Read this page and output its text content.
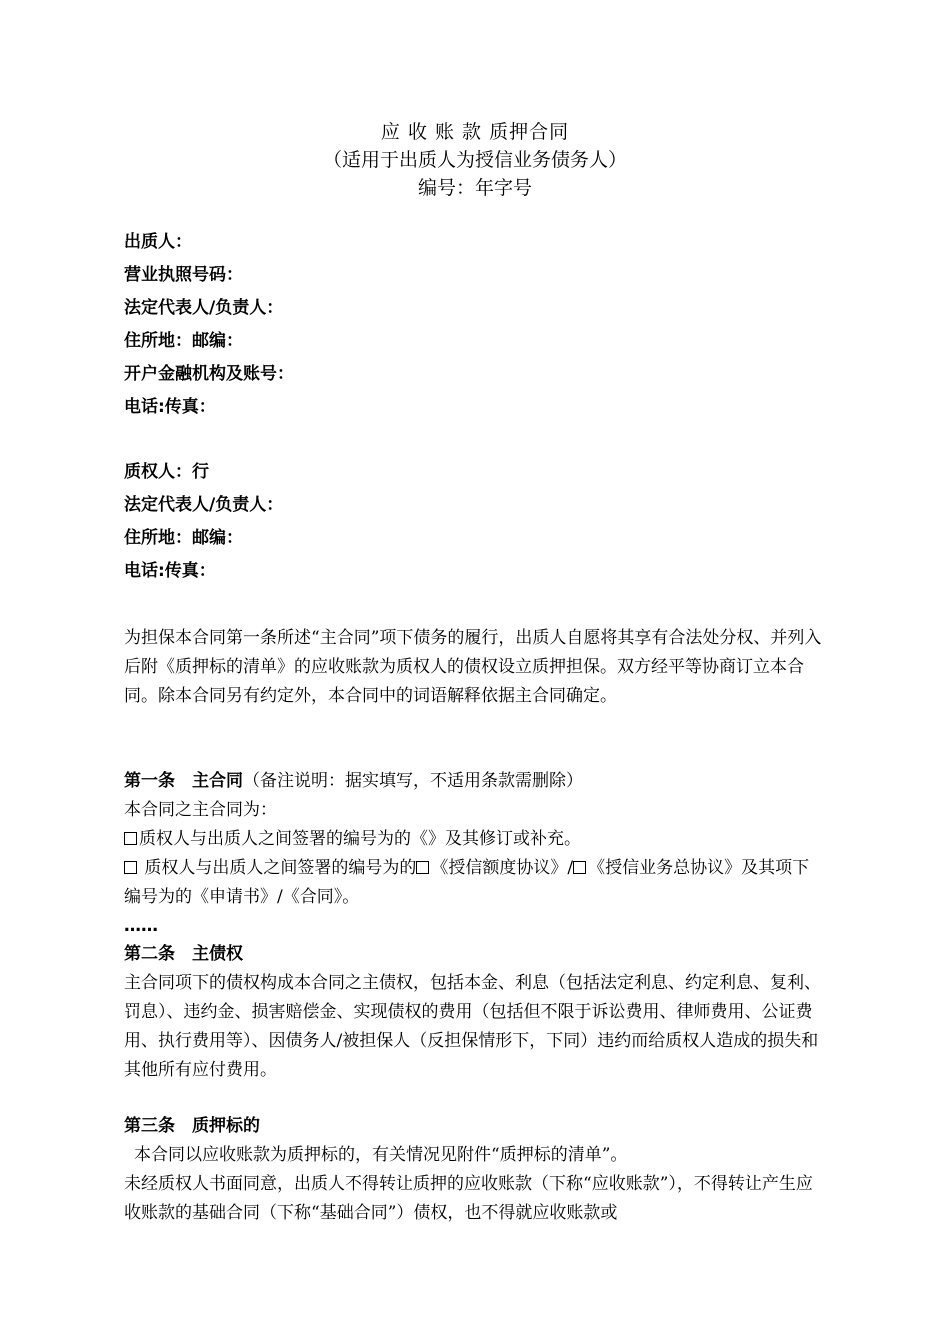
应 收 账 款 质押合同
（适用于出质人为授信业务债务人）
编号：年字号
出质人：
营业执照号码：
法定代表人/负责人：
住所地：邮编：
开户金融机构及账号：
电话:传真：
质权人：行
法定代表人/负责人：
住所地：邮编：
电话:传真：

为担保本合同第一条所述“主合同”项下债务的履行，出质人自愿将其享有合法处分权、并列入后附《质押标的清单》的应收账款为质权人的债权设立质押担保。双方经平等协商订立本合同。除本合同另有约定外，本合同中的词语解释依据主合同确定。

第一条　主合同（备注说明：据实填写，不适用条款需删除）

本合同之主合同为：

质权人与出质人之间签署的编号为的《》及其修订或补充。

质权人与出质人之间签署的编号为的 《授信额度协议》/ 《授信业务总协议》及其项下编号为的《申请书》/《合同》。

……

第二条　主债权

主合同项下的债权构成本合同之主债权，包括本金、利息（包括法定利息、约定利息、复利、罚息）、违约金、损害赔偿金、实现债权的费用（包括但不限于诉讼费用、律师费用、公证费用、执行费用等）、因债务人/被担保人（反担保情形下，下同）违约而给质权人造成的损失和其他所有应付费用。

第三条　质押标的

本合同以应收账款为质押标的，有关情况见附件“质押标的清单”。

未经质权人书面同意，出质人不得转让质押的应收账款（下称“应收账款”），不得转让产生应收账款的基础合同（下称“基础合同”）债权，也不得就应收账款或
